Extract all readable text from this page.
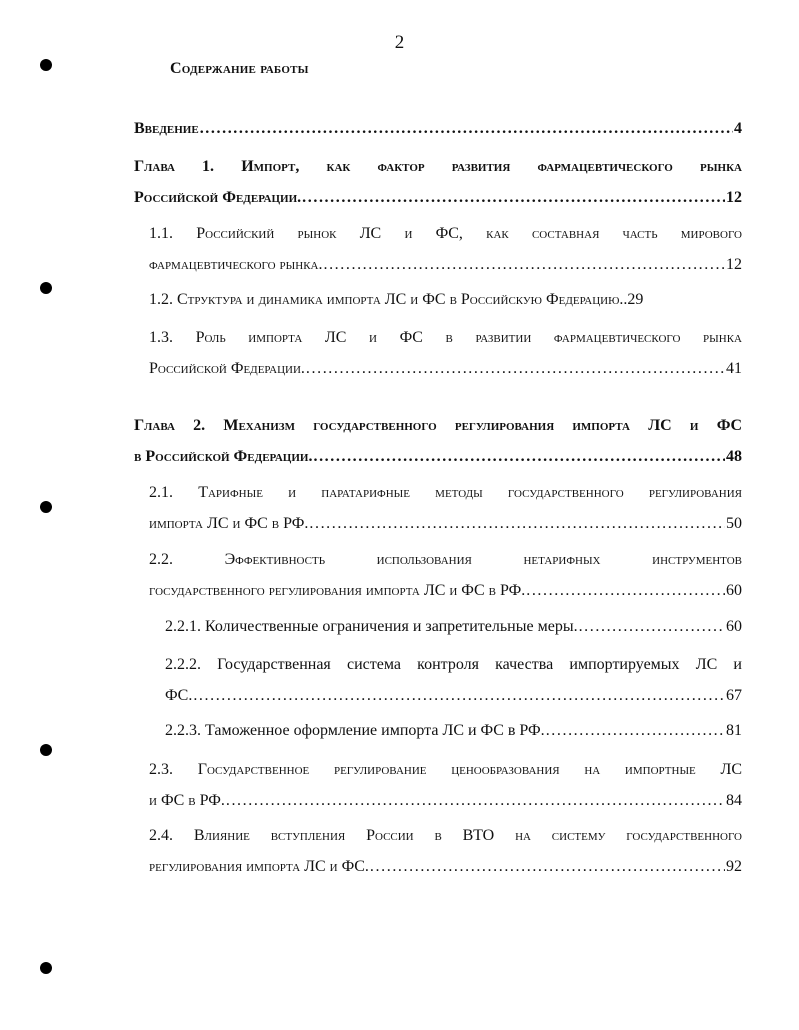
2
Содержание работы
Введение .....	4
Глава 1. Импорт, как фактор развития фармацевтического рынка
Российской Федерации. .....	12
1.1. Российский рынок ЛС и ФС, как составная часть мирового
фармацевтического рынка. .....	12
1.2. Структура и динамика импорта ЛС и ФС в Российскую Федерацию.. 29
1.3. Роль импорта ЛС и ФС в развитии фармацевтического рынка
Российской Федерации. .....	41
Глава 2. Механизм государственного регулирования импорта ЛС и ФС
в Российской Федерации. .....	48
2.1. Тарифные и паратарифные методы государственного регулирования
импорта ЛС и ФС в РФ. .....	50
2.2. Эффективность использования нетарифных инструментов
государственного регулирования импорта ЛС и ФС в РФ. .....	60
2.2.1. Количественные ограничения и запретительные меры. .....	60
2.2.2. Государственная система контроля качества импортируемых ЛС и
ФС. .....	67
2.2.3. Таможенное оформление импорта ЛС и ФС в РФ. .....	81
2.3. Государственное регулирование ценообразования на импортные ЛС
и ФС в РФ. .....	84
2.4. Влияние вступления России в ВТО на систему государственного
регулирования импорта ЛС и ФС. .....	92
